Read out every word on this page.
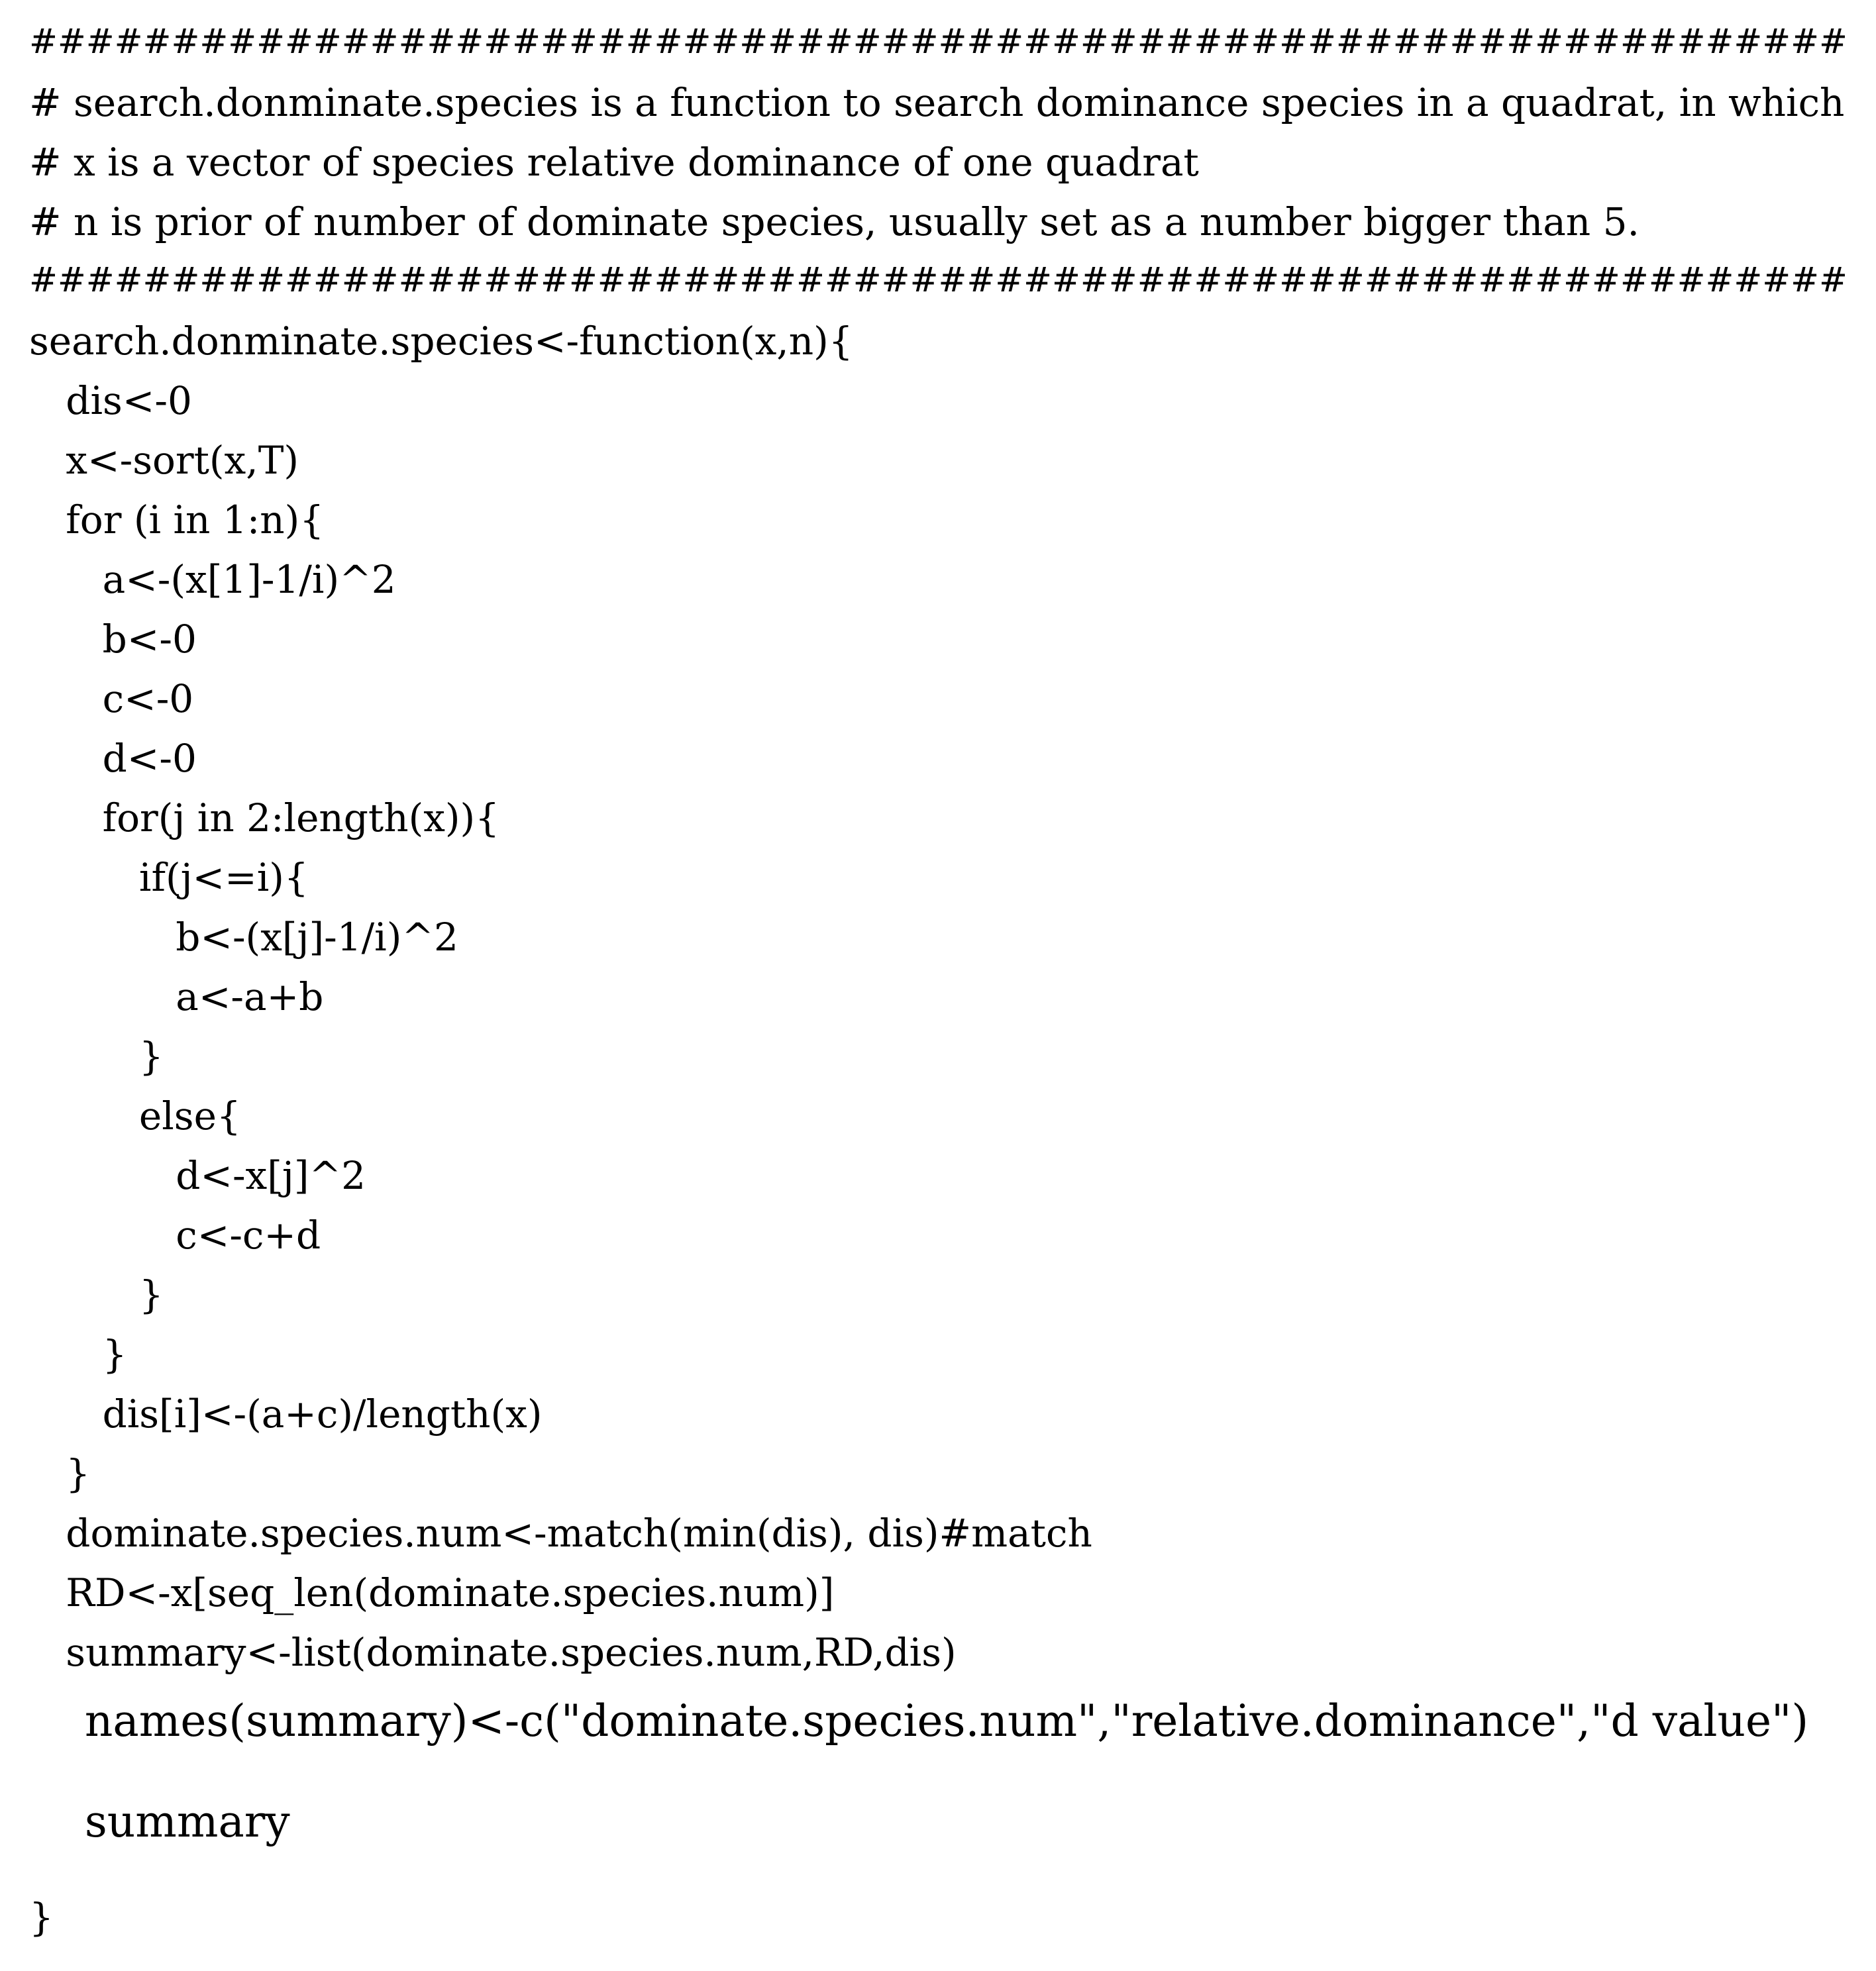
################################################################
# search.donminate.species is a function to search dominance species in a quadrat, in which
# x is a vector of species relative dominance of one quadrat
# n is prior of number of dominate species, usually set as a number bigger than 5.
################################################################
search.donminate.species<-function(x,n){
dis<-0
x<-sort(x,T)
for (i in 1:n){
a<-(x[1]-1/i)^2
b<-0
c<-0
d<-0
for(j in 2:length(x)){
if(j<=i){
b<-(x[j]-1/i)^2
a<-a+b
}
else{
d<-x[j]^2
c<-c+d
}
}
dis[i]<-(a+c)/length(x)
}
dominate.species.num<-match(min(dis), dis)#match
RD<-x[seq_len(dominate.species.num)]
summary<-list(dominate.species.num,RD,dis)
names(summary)<-c("dominate.species.num","relative.dominance","d value")
summary
}
